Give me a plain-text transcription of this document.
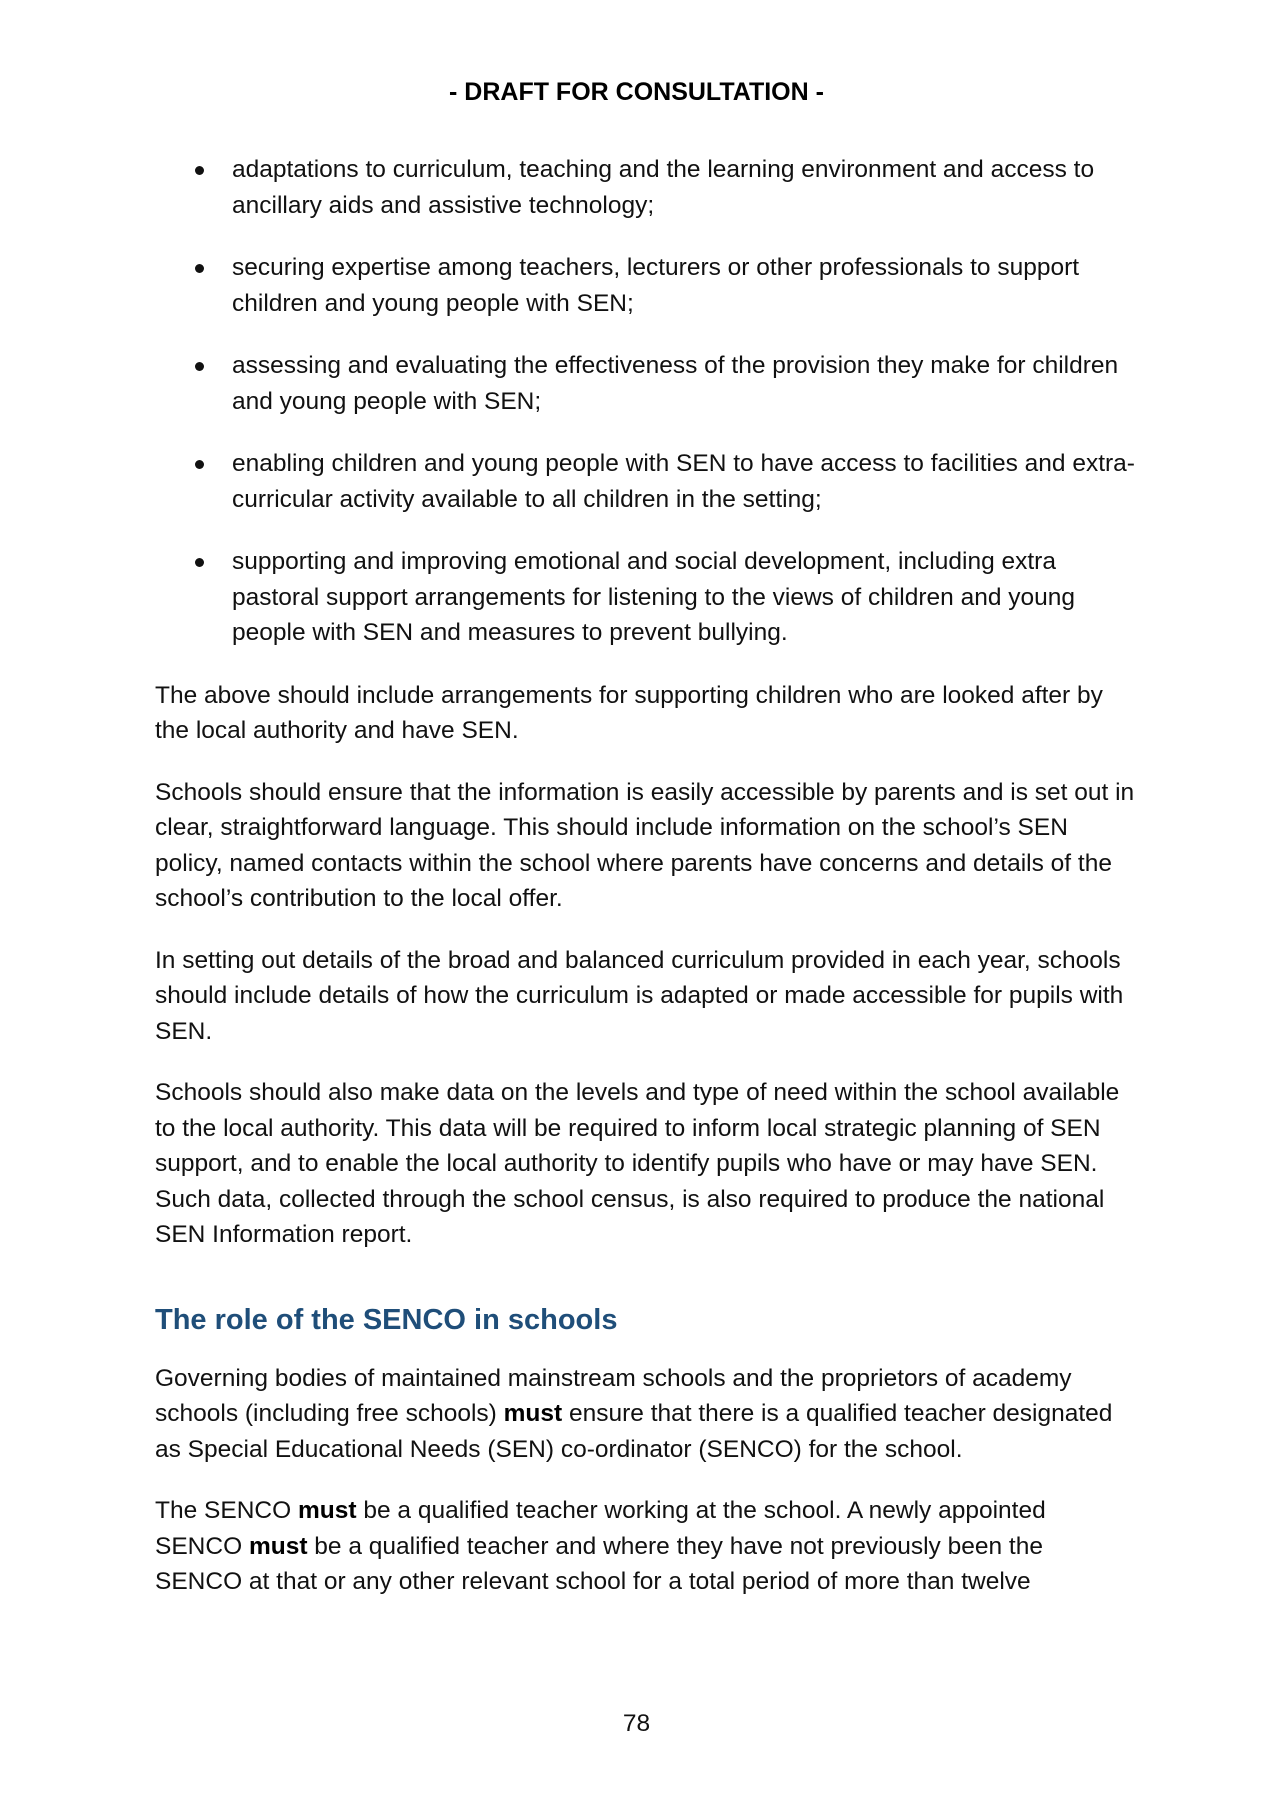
- DRAFT FOR CONSULTATION -
adaptations to curriculum, teaching and the learning environment and access to ancillary aids and assistive technology;
securing expertise among teachers, lecturers or other professionals to support children and young people with SEN;
assessing and evaluating the effectiveness of the provision they make for children and young people with SEN;
enabling children and young people with SEN to have access to facilities and extra-curricular activity available to all children in the setting;
supporting and improving emotional and social development, including extra pastoral support arrangements for listening to the views of children and young people with SEN and measures to prevent bullying.

The above should include arrangements for supporting children who are looked after by the local authority and have SEN.

Schools should ensure that the information is easily accessible by parents and is set out in clear, straightforward language. This should include information on the school’s SEN policy, named contacts within the school where parents have concerns and details of the school’s contribution to the local offer.

In setting out details of the broad and balanced curriculum provided in each year, schools should include details of how the curriculum is adapted or made accessible for pupils with SEN.

Schools should also make data on the levels and type of need within the school available to the local authority. This data will be required to inform local strategic planning of SEN support, and to enable the local authority to identify pupils who have or may have SEN. Such data, collected through the school census, is also required to produce the national SEN Information report.

The role of the SENCO in schools

Governing bodies of maintained mainstream schools and the proprietors of academy schools (including free schools) must ensure that there is a qualified teacher designated as Special Educational Needs (SEN) co-ordinator (SENCO) for the school.

The SENCO must be a qualified teacher working at the school. A newly appointed SENCO must be a qualified teacher and where they have not previously been the SENCO at that or any other relevant school for a total period of more than twelve

78
